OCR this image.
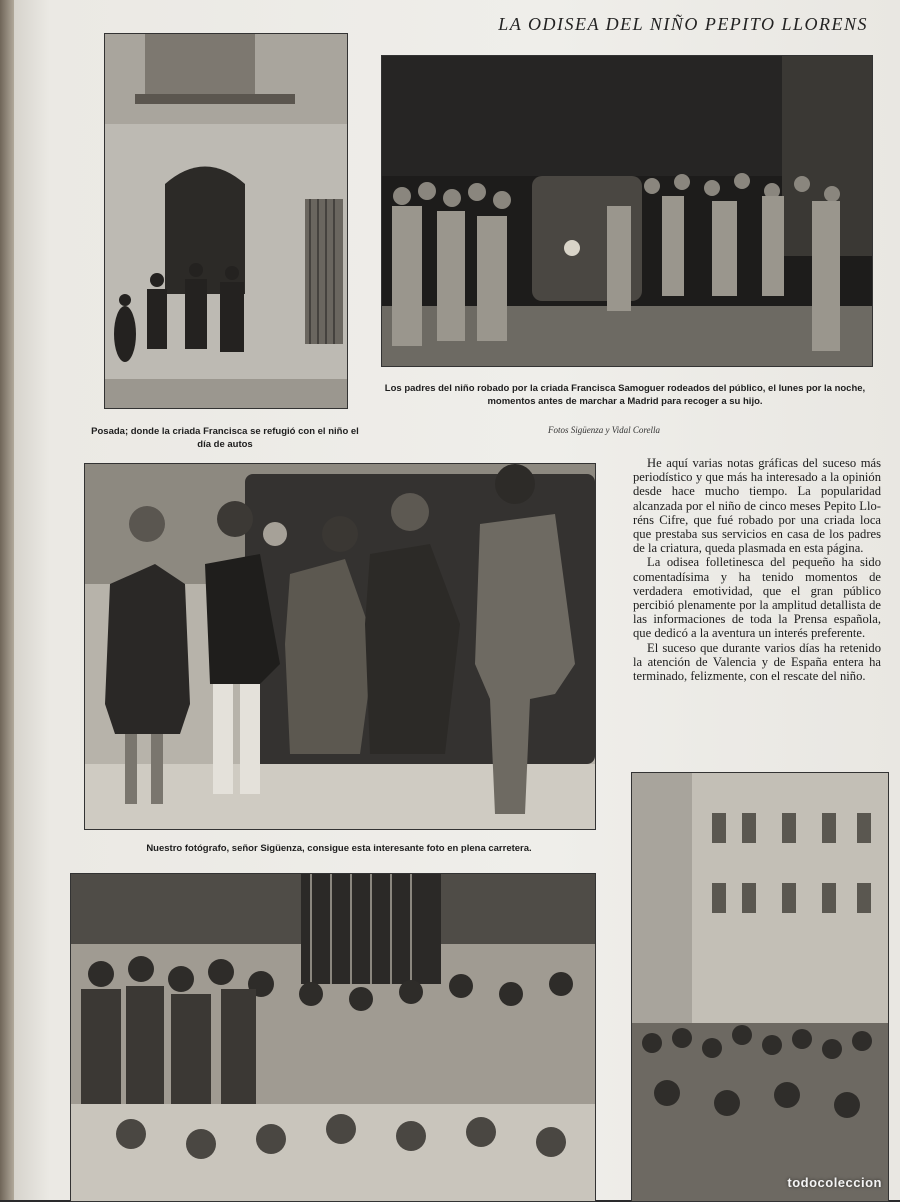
LA ODISEA DEL NIÑO PEPITO LLORENS
Posada; donde la criada Francisca se refugió con el niño el día de autos
Los padres del niño robado por la criada Francisca Samoguer rodeados del público, el lunes por la noche, momentos antes de marchar a Madrid para recoger a su hijo.
Fotos Sigüenza y Vidal Corella
Nuestro fotógrafo, señor Sigüenza, consigue esta interesante foto en plena carretera.

He aquí varias notas gráficas del suceso más periodístico y que más ha interesado a la opinión desde hace mucho tiempo. La popularidad alcanzada por el niño de cinco meses Pepito Lloréns Cifre, que fué robado por una criada loca que prestaba sus servicios en casa de los padres de la criatura, queda plasmada en esta página.

La odisea folletinesca del pequeño ha sido comentadísima y ha tenido momentos de verdadera emotividad, que el gran público percibió plenamente por la amplitud detallista de las informaciones de toda la Prensa española, que dedicó a la aventura un interés preferente.

El suceso que durante varios días ha retenido la atención de Valencia y de España entera ha terminado, felizmente, con el rescate del niño.

todocoleccion
